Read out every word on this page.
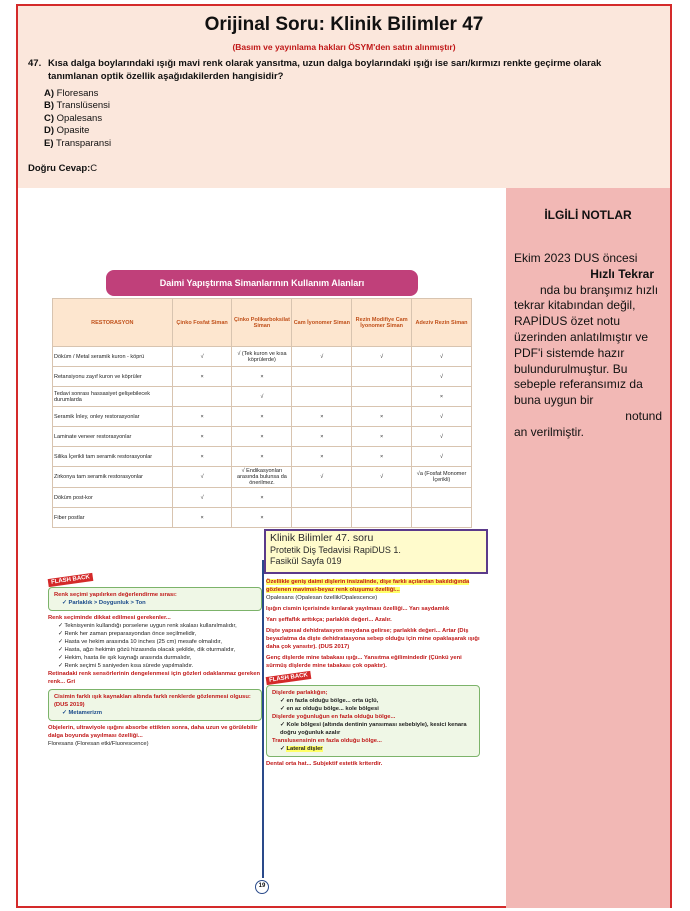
Orijinal Soru: Klinik Bilimler 47
(Basım ve yayınlama hakları ÖSYM'den satın alınmıştır)
47. Kısa dalga boylarındaki ışığı mavi renk olarak yansıtma, uzun dalga boylarındaki ışığı ise sarı/kırmızı renkte geçirme olarak tanımlanan optik özellik aşağıdakilerden hangisidir?
A) Floresans
B) Translüsensi
C) Opalesans
D) Opasite
E) Transparansi
Doğru Cevap:C
İLGİLİ NOTLAR
Ekim 2023 DUS öncesi
Hızlı Tekrar
nda bu branşımız hızlı tekrar kitabından değil, RAPİDUS özet notu üzerinden anlatılmıştır ve PDF'i sistemde hazır bulundurulmuştur. Bu sebeple referansımız da buna uygun bir
notund
an verilmiştir.
Daimi Yapıştırma Simanlarının Kullanım Alanları
RESTORASYON	Çinko Fosfat Siman	Çinko Polikarboksilat Siman	Cam İyonomer Siman	Rezin Modifiye Cam İyonomer Siman	Adeziv Rezin Siman
Döküm / Metal seramik kuron - köprü	√	√ (Tek kuron ve kısa köprülerde)	√	√	√
Retansiyonu zayıf kuron ve köprüler	×	×			√
Tedavi sonrası hassasiyet gelişebilecek durumlarda		√			×
Seramik İnley, onley restorasyonlar	×	×	×	×	√
Laminate veneer restorasyonlar	×	×	×	×	√
Silika İçerikli tam seramik restorasyonlar	×	×	×	×	√
Zirkonya tam seramik restorasyonlar	√	√ Endikasyonları arasında bulunsa da önerilmez.	√	√	√a (Fosfat Monomer İçerikli)
Döküm post-kor	√	×			
Fiber postlar	×	×			
FLASH BACK
Renk seçimi yapılırken değerlendirme sırası:
✓ Parlaklık > Doygunluk > Ton
Renk seçiminde dikkat edilmesi gerekenler...
✓ Teknisyenin kullandığı porselene uygun renk skalası kullanılmalıdır,
✓ Renk her zaman preparasyondan önce seçilmelidir,
✓ Hasta ve hekim arasında 10 inches (25 cm) mesafe olmalıdır,
✓ Hasta, ağzı hekimin gözü hizasında olacak şekilde, dik oturmalıdır,
✓ Hekim, hasta ile ışık kaynağı arasında durmalıdır,
✓ Renk seçimi 5 saniyeden kısa sürede yapılmalıdır.
Retinadaki renk sensörlerinin dengelenmesi için gözleri odaklanmaz gereken renk... Gri
Cisimin farklı ışık kaynakları altında farklı renklerde gözlenmesi olgusu: (DUS 2019)
✓ Metamerizm
Objelerin, ultraviyole ışığını absorbe ettikten sonra, daha uzun ve görülebilir dalga boyunda yayılması özelliği...
Floresans (Floresan etki/Fluorescence)
Klinik Bilimler 47. soru
Protetik Diş Tedavisi RapiDUS 1.
Fasikül Sayfa 019
Özellikle geniş daimi dişlerin insizalinde, dişe farklı açılardan bakıldığında gözlenen mavimsi-beyaz renk oluşumu özelliği...
Opalesans (Opalesan özellik/Opalescence)
Işığın cismin içerisinde kırılarak yayılması özelliği... Yarı saydamlık
Yarı şeffaflık arttıkça; parlaklık değeri... Azalır.
Dişte yapısal dehidratasyon meydana gelirse; parlaklık değeri... Artar (Diş beyazlatma da dişte dehidratasyona sebep olduğu için mine opaklaşarak ışığı daha çok yansıtır). (DUS 2017)
Genç dişlerde mine tabakası ışığı... Yansıtma eğilimindedir (Çünkü yeni sürmüş dişlerde mine tabakası çok opaktır).
FLASH BACK
Dişlerde parlaklığın;
✓ en fazla olduğu bölge... orta üçlü,
✓ en az olduğu bölge... kole bölgesi
Dişlerde yoğunluğun en fazla olduğu bölge...
✓ Kole bölgesi (altında dentinin yansıması sebebiyle), kesici kenara doğru yoğunluk azalır
Translusensinin en fazla olduğu bölge...
✓ Lateral dişler
Dental orta hat... Subjektif estetik kriterdir.
19
